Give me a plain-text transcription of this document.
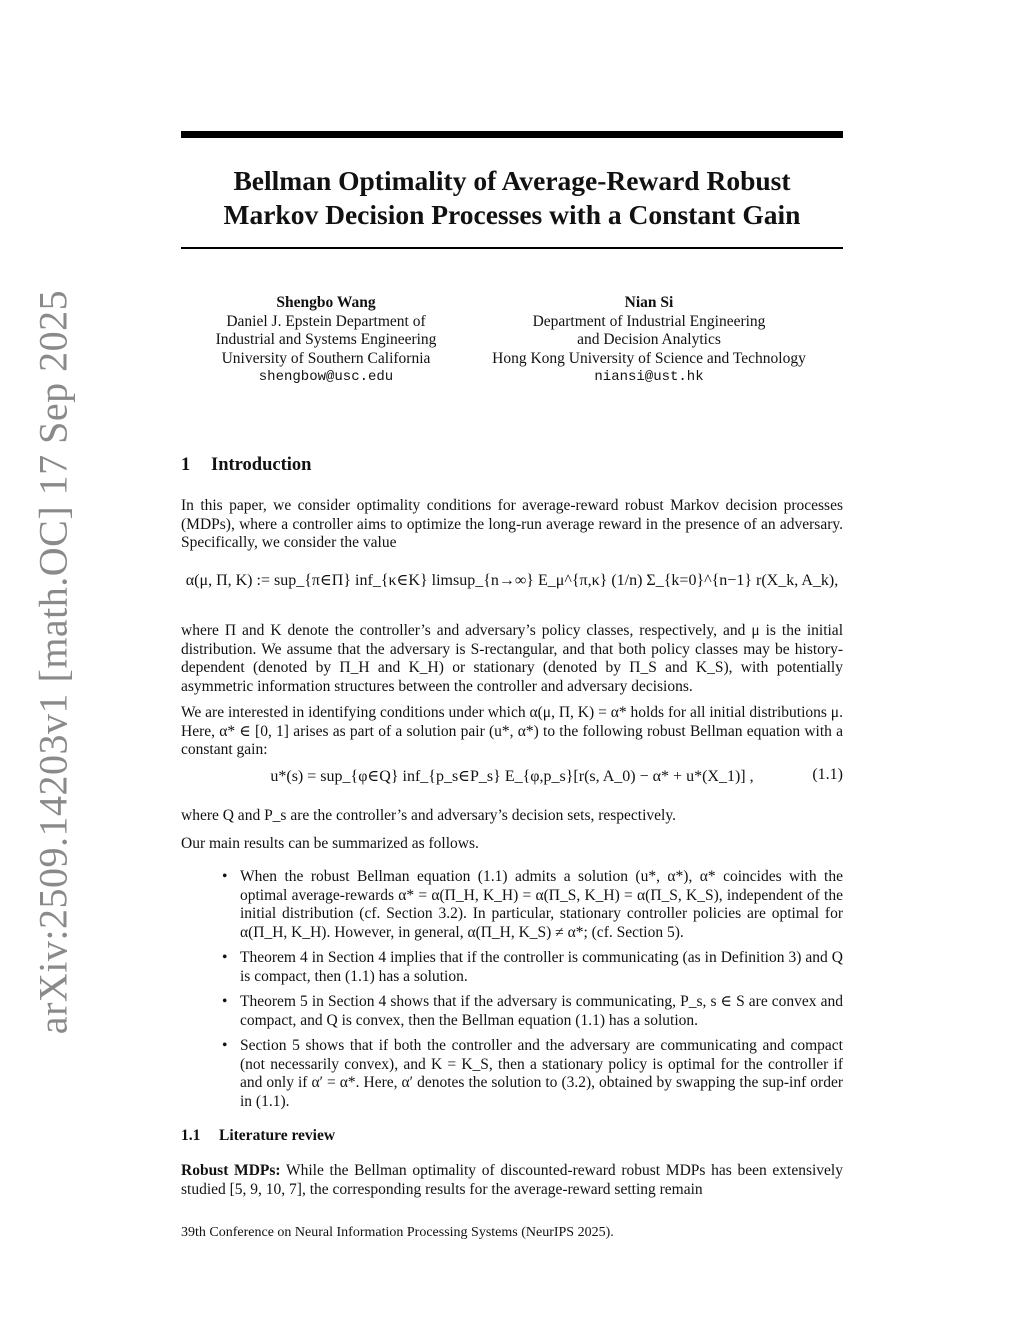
arXiv:2509.14203v1 [math.OC] 17 Sep 2025
Bellman Optimality of Average-Reward Robust
Markov Decision Processes with a Constant Gain
Shengbo Wang
Daniel J. Epstein Department of
Industrial and Systems Engineering
University of Southern California
shengbow@usc.edu
Nian Si
Department of Industrial Engineering
and Decision Analytics
Hong Kong University of Science and Technology
niansi@ust.hk
1 Introduction

In this paper, we consider optimality conditions for average-reward robust Markov decision processes (MDPs), where a controller aims to optimize the long-run average reward in the presence of an adversary. Specifically, we consider the value

α(μ, Π, K) := sup_{π∈Π} inf_{κ∈K} limsup_{n→∞} E_μ^{π,κ} (1/n) Σ_{k=0}^{n−1} r(X_k, A_k),

where Π and K denote the controller’s and adversary’s policy classes, respectively, and μ is the initial distribution. We assume that the adversary is S-rectangular, and that both policy classes may be history-dependent (denoted by Π_H and K_H) or stationary (denoted by Π_S and K_S), with potentially asymmetric information structures between the controller and adversary decisions.

We are interested in identifying conditions under which α(μ, Π, K) = α* holds for all initial distributions μ. Here, α* ∈ [0, 1] arises as part of a solution pair (u*, α*) to the following robust Bellman equation with a constant gain:

u*(s) = sup_{φ∈Q} inf_{p_s∈P_s} E_{φ,p_s}[r(s, A_0) − α* + u*(X_1)] ,	(1.1)

where Q and P_s are the controller’s and adversary’s decision sets, respectively.

Our main results can be summarized as follows.

• When the robust Bellman equation (1.1) admits a solution (u*, α*), α* coincides with the optimal average-rewards α* = α(Π_H, K_H) = α(Π_S, K_H) = α(Π_S, K_S), independent of the initial distribution (cf. Section 3.2). In particular, stationary controller policies are optimal for α(Π_H, K_H). However, in general, α(Π_H, K_S) ≠ α*; (cf. Section 5).
• Theorem 4 in Section 4 implies that if the controller is communicating (as in Definition 3) and Q is compact, then (1.1) has a solution.
• Theorem 5 in Section 4 shows that if the adversary is communicating, P_s, s ∈ S are convex and compact, and Q is convex, then the Bellman equation (1.1) has a solution.
• Section 5 shows that if both the controller and the adversary are communicating and compact (not necessarily convex), and K = K_S, then a stationary policy is optimal for the controller if and only if α′ = α*. Here, α′ denotes the solution to (3.2), obtained by swapping the sup-inf order in (1.1).
1.1 Literature review

Robust MDPs: While the Bellman optimality of discounted-reward robust MDPs has been extensively studied [5, 9, 10, 7], the corresponding results for the average-reward setting remain

39th Conference on Neural Information Processing Systems (NeurIPS 2025).
